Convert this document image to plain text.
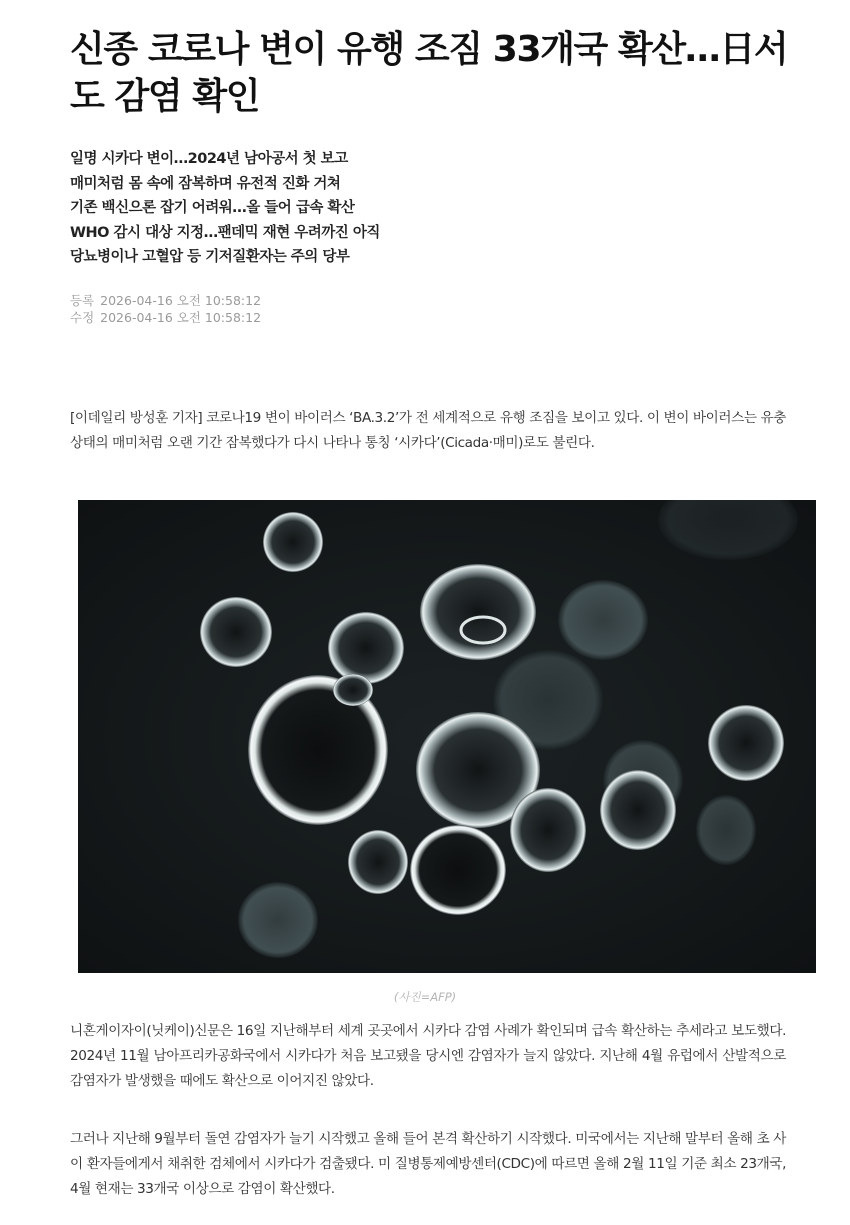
신종 코로나 변이 유행 조짐 33개국 확산…日서도 감염 확인
일명 시카다 변이…2024년 남아공서 첫 보고
매미처럼 몸 속에 잠복하며 유전적 진화 거쳐
기존 백신으론 잡기 어려워…올 들어 급속 확산
WHO 감시 대상 지정…팬데믹 재현 우려까진 아직
당뇨병이나 고혈압 등 기저질환자는 주의 당부
등록 2026-04-16 오전 10:58:12
수정 2026-04-16 오전 10:58:12

[이데일리 방성훈 기자] 코로나19 변이 바이러스 ‘BA.3.2’가 전 세계적으로 유행 조짐을 보이고 있다. 이 변이 바이러스는 유충 상태의 매미처럼 오랜 기간 잠복했다가 다시 나타나 통칭 ‘시카다’(Cicada·매미)로도 불린다.

(사진=AFP)

니혼게이자이(닛케이)신문은 16일 지난해부터 세계 곳곳에서 시카다 감염 사례가 확인되며 급속 확산하는 추세라고 보도했다. 2024년 11월 남아프리카공화국에서 시카다가 처음 보고됐을 당시엔 감염자가 늘지 않았다. 지난해 4월 유럽에서 산발적으로 감염자가 발생했을 때에도 확산으로 이어지진 않았다.

그러나 지난해 9월부터 돌연 감염자가 늘기 시작했고 올해 들어 본격 확산하기 시작했다. 미국에서는 지난해 말부터 올해 초 사이 환자들에게서 채취한 검체에서 시카다가 검출됐다. 미 질병통제예방센터(CDC)에 따르면 올해 2월 11일 기준 최소 23개국, 4월 현재는 33개국 이상으로 감염이 확산했다.
